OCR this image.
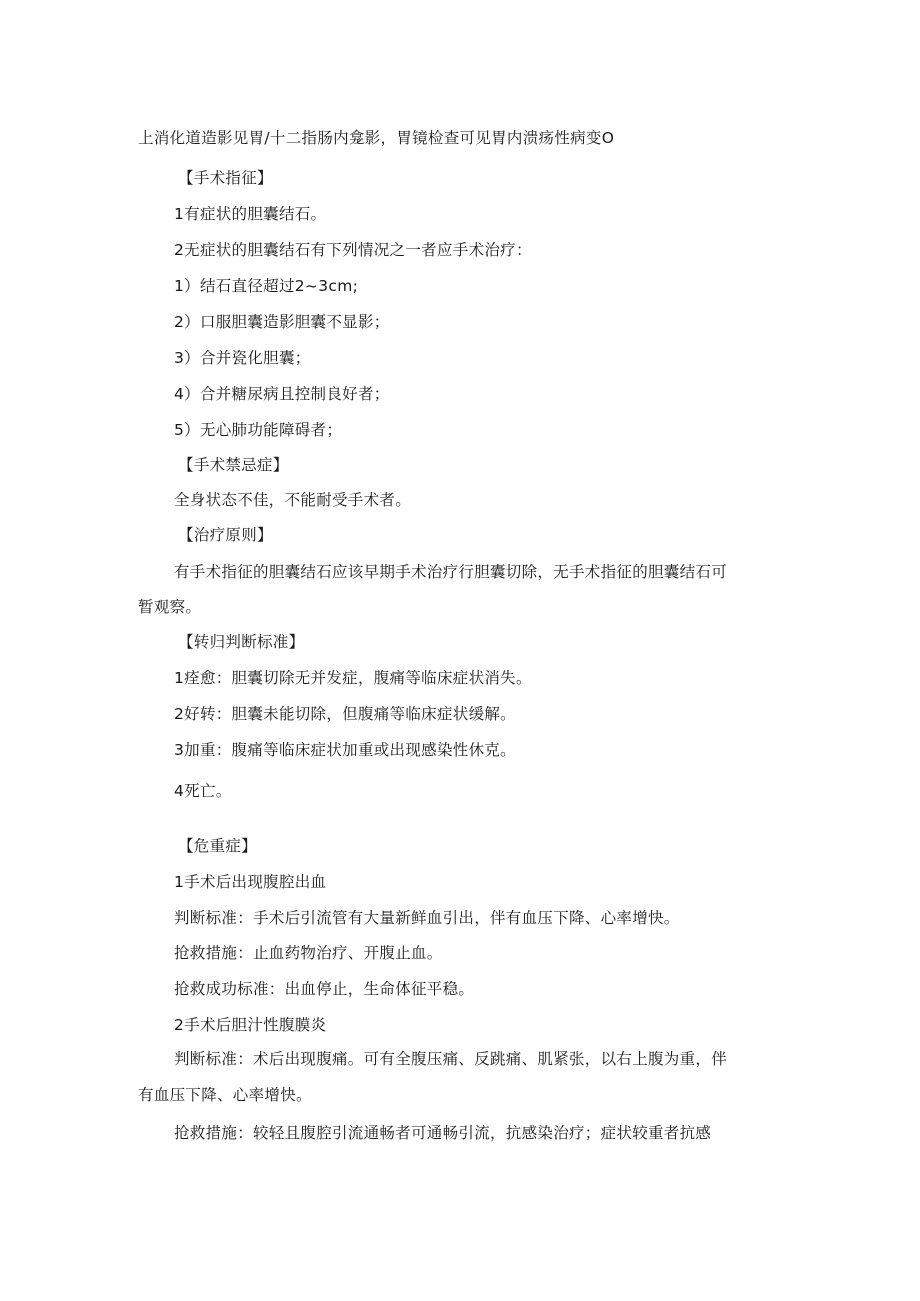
上消化道造影见胃/十二指肠内龛影，胃镜检查可见胃内溃疡性病变O
【手术指征】
1有症状的胆囊结石。
2无症状的胆囊结石有下列情况之一者应手术治疗：
1）结石直径超过2~3cm;
2）口服胆囊造影胆囊不显影；
3）合并瓷化胆囊；
4）合并糖尿病且控制良好者；
5）无心肺功能障碍者；
【手术禁忌症】
全身状态不佳，不能耐受手术者。
【治疗原则】
有手术指征的胆囊结石应该早期手术治疗行胆囊切除，无手术指征的胆囊结石可
暂观察。
【转归判断标准】
1痊愈：胆囊切除无并发症，腹痛等临床症状消失。
2好转：胆囊未能切除，但腹痛等临床症状缓解。
3加重：腹痛等临床症状加重或出现感染性休克。
4死亡。
【危重症】
1手术后出现腹腔出血
判断标准：手术后引流管有大量新鲜血引出，伴有血压下降、心率增快。
抢救措施：止血药物治疗、开腹止血。
抢救成功标准：出血停止，生命体征平稳。
2手术后胆汁性腹膜炎
判断标准：术后出现腹痛。可有全腹压痛、反跳痛、肌紧张，以右上腹为重，伴
有血压下降、心率增快。
抢救措施：较轻且腹腔引流通畅者可通畅引流，抗感染治疗；症状较重者抗感
